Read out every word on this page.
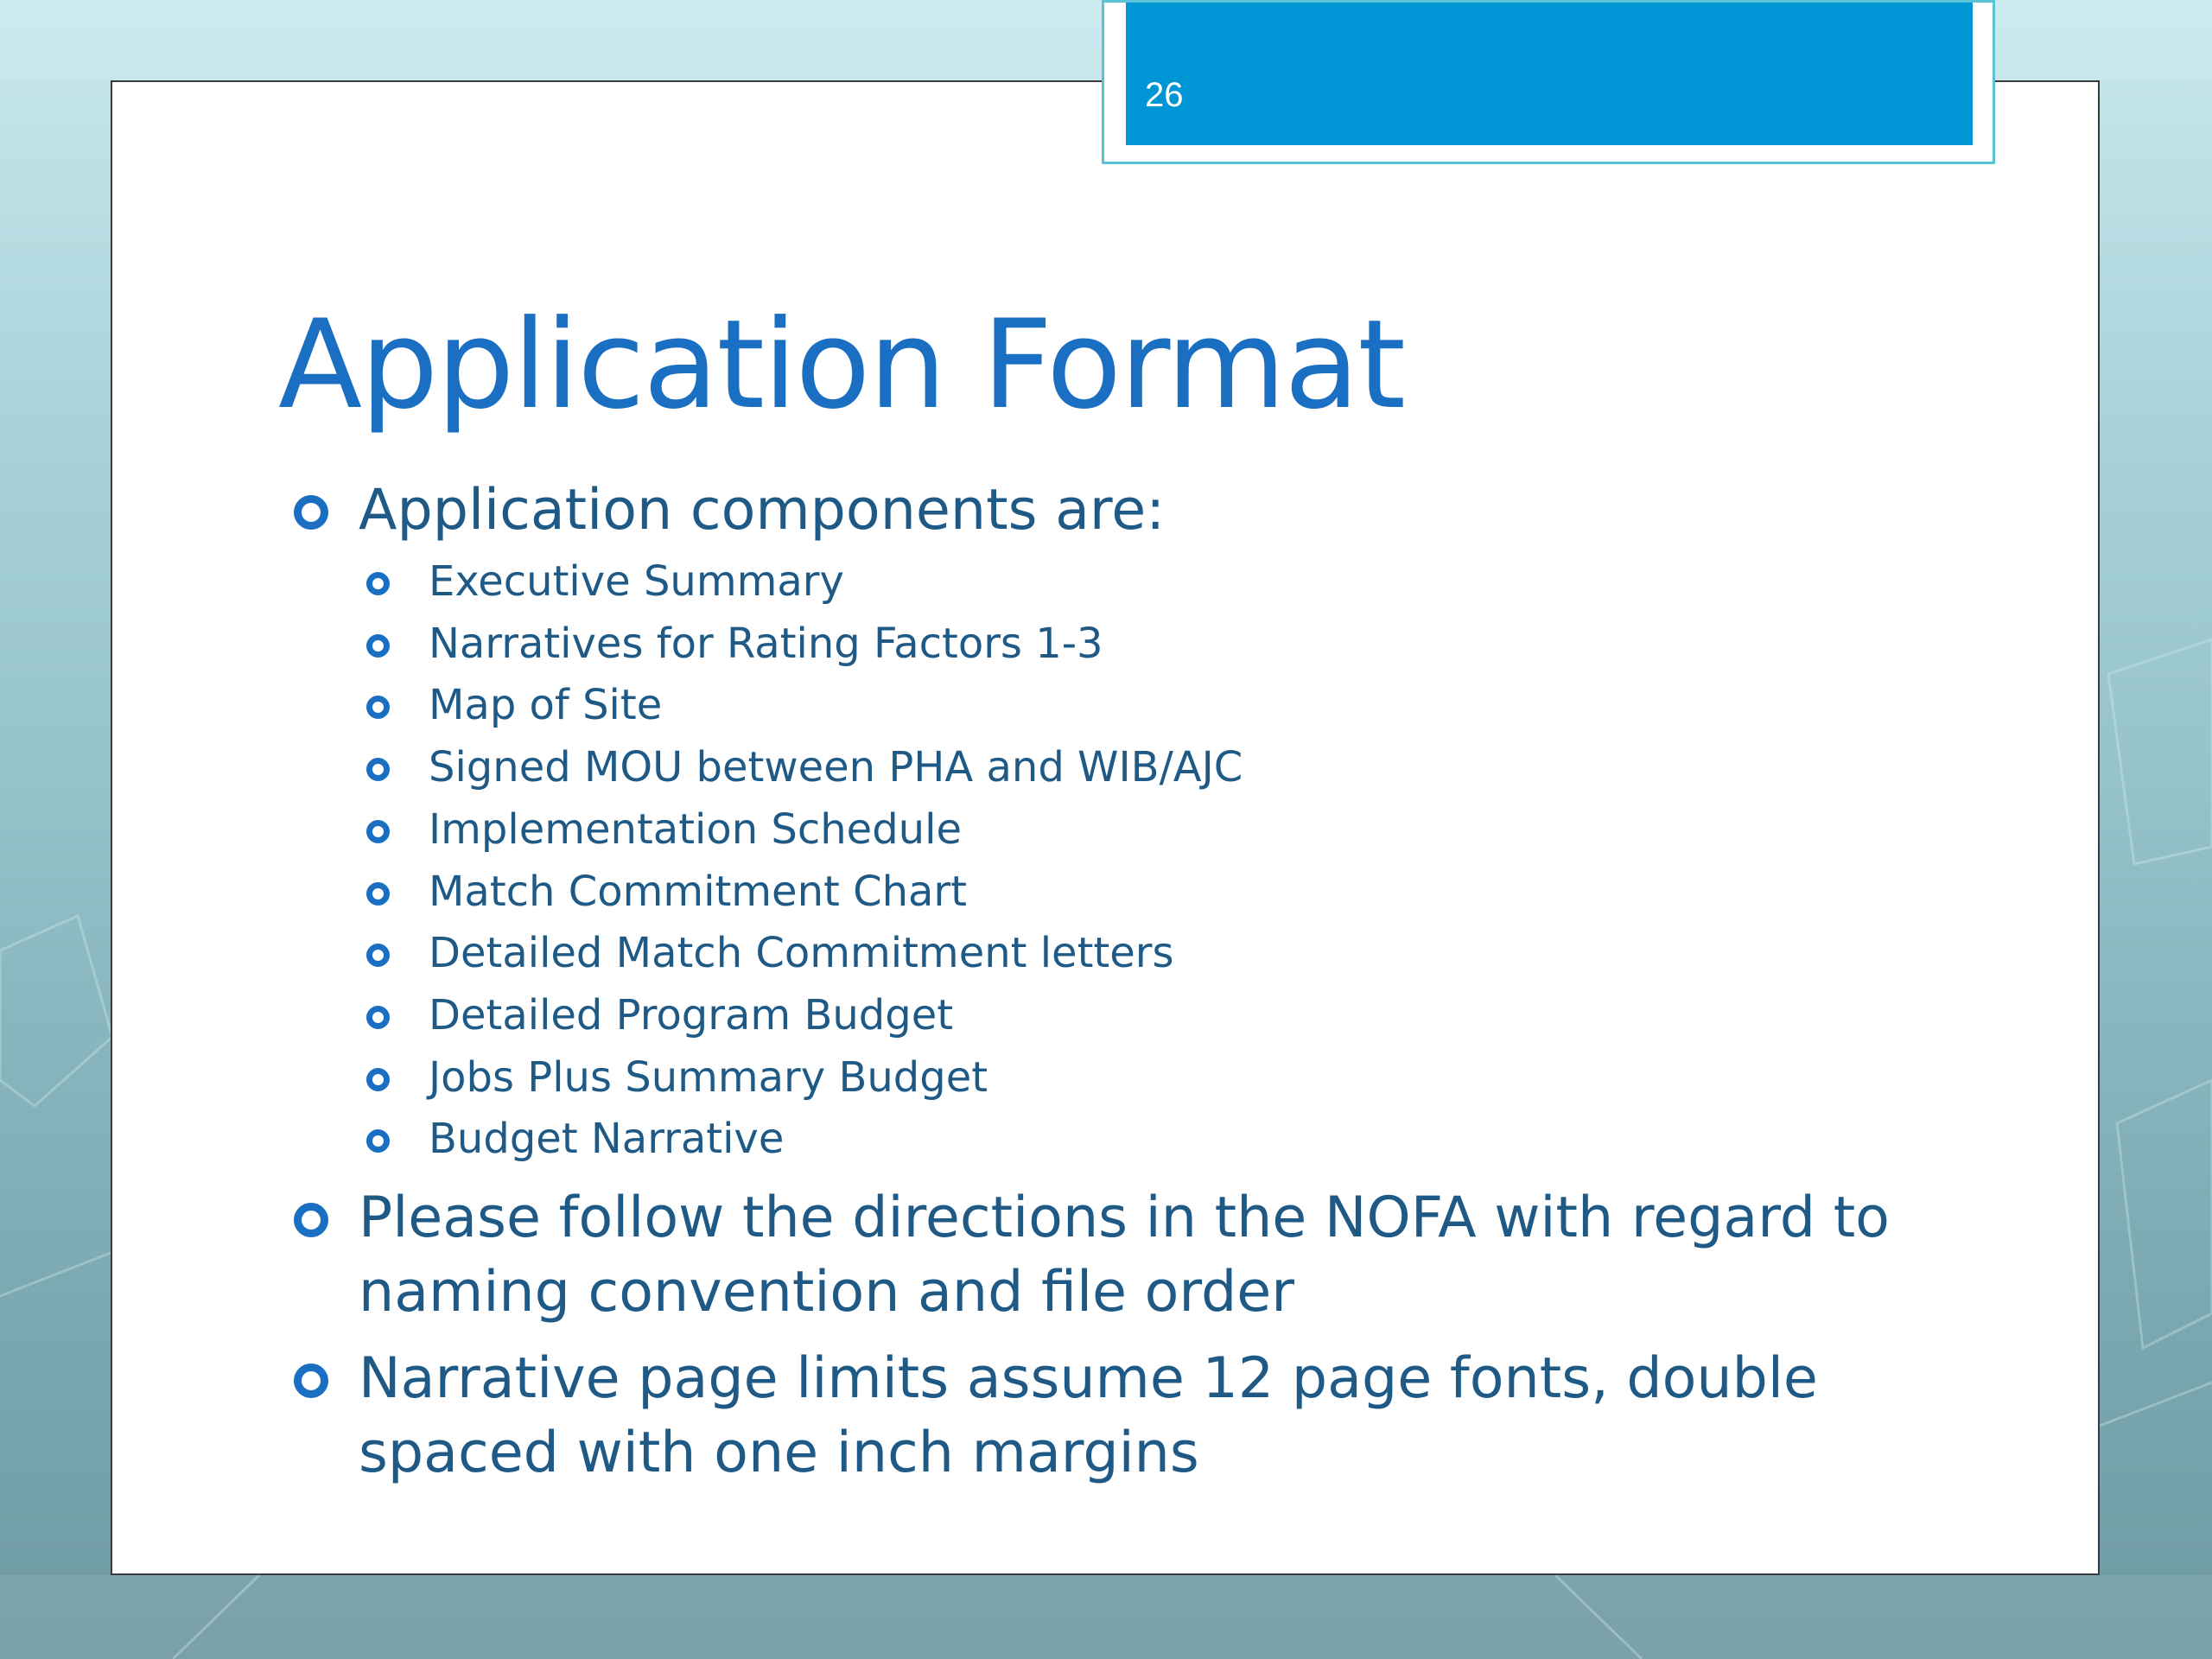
26
Application Format
Application components are:
Executive Summary
Narratives for Rating Factors 1-3
Map of Site
Signed MOU between PHA and WIB/AJC
Implementation Schedule
Match Commitment Chart
Detailed Match Commitment letters
Detailed Program Budget
Jobs Plus Summary Budget
Budget Narrative
Please follow the directions in the NOFA with regard to naming convention and file order
Narrative page limits assume 12 page fonts, double spaced with one inch margins
